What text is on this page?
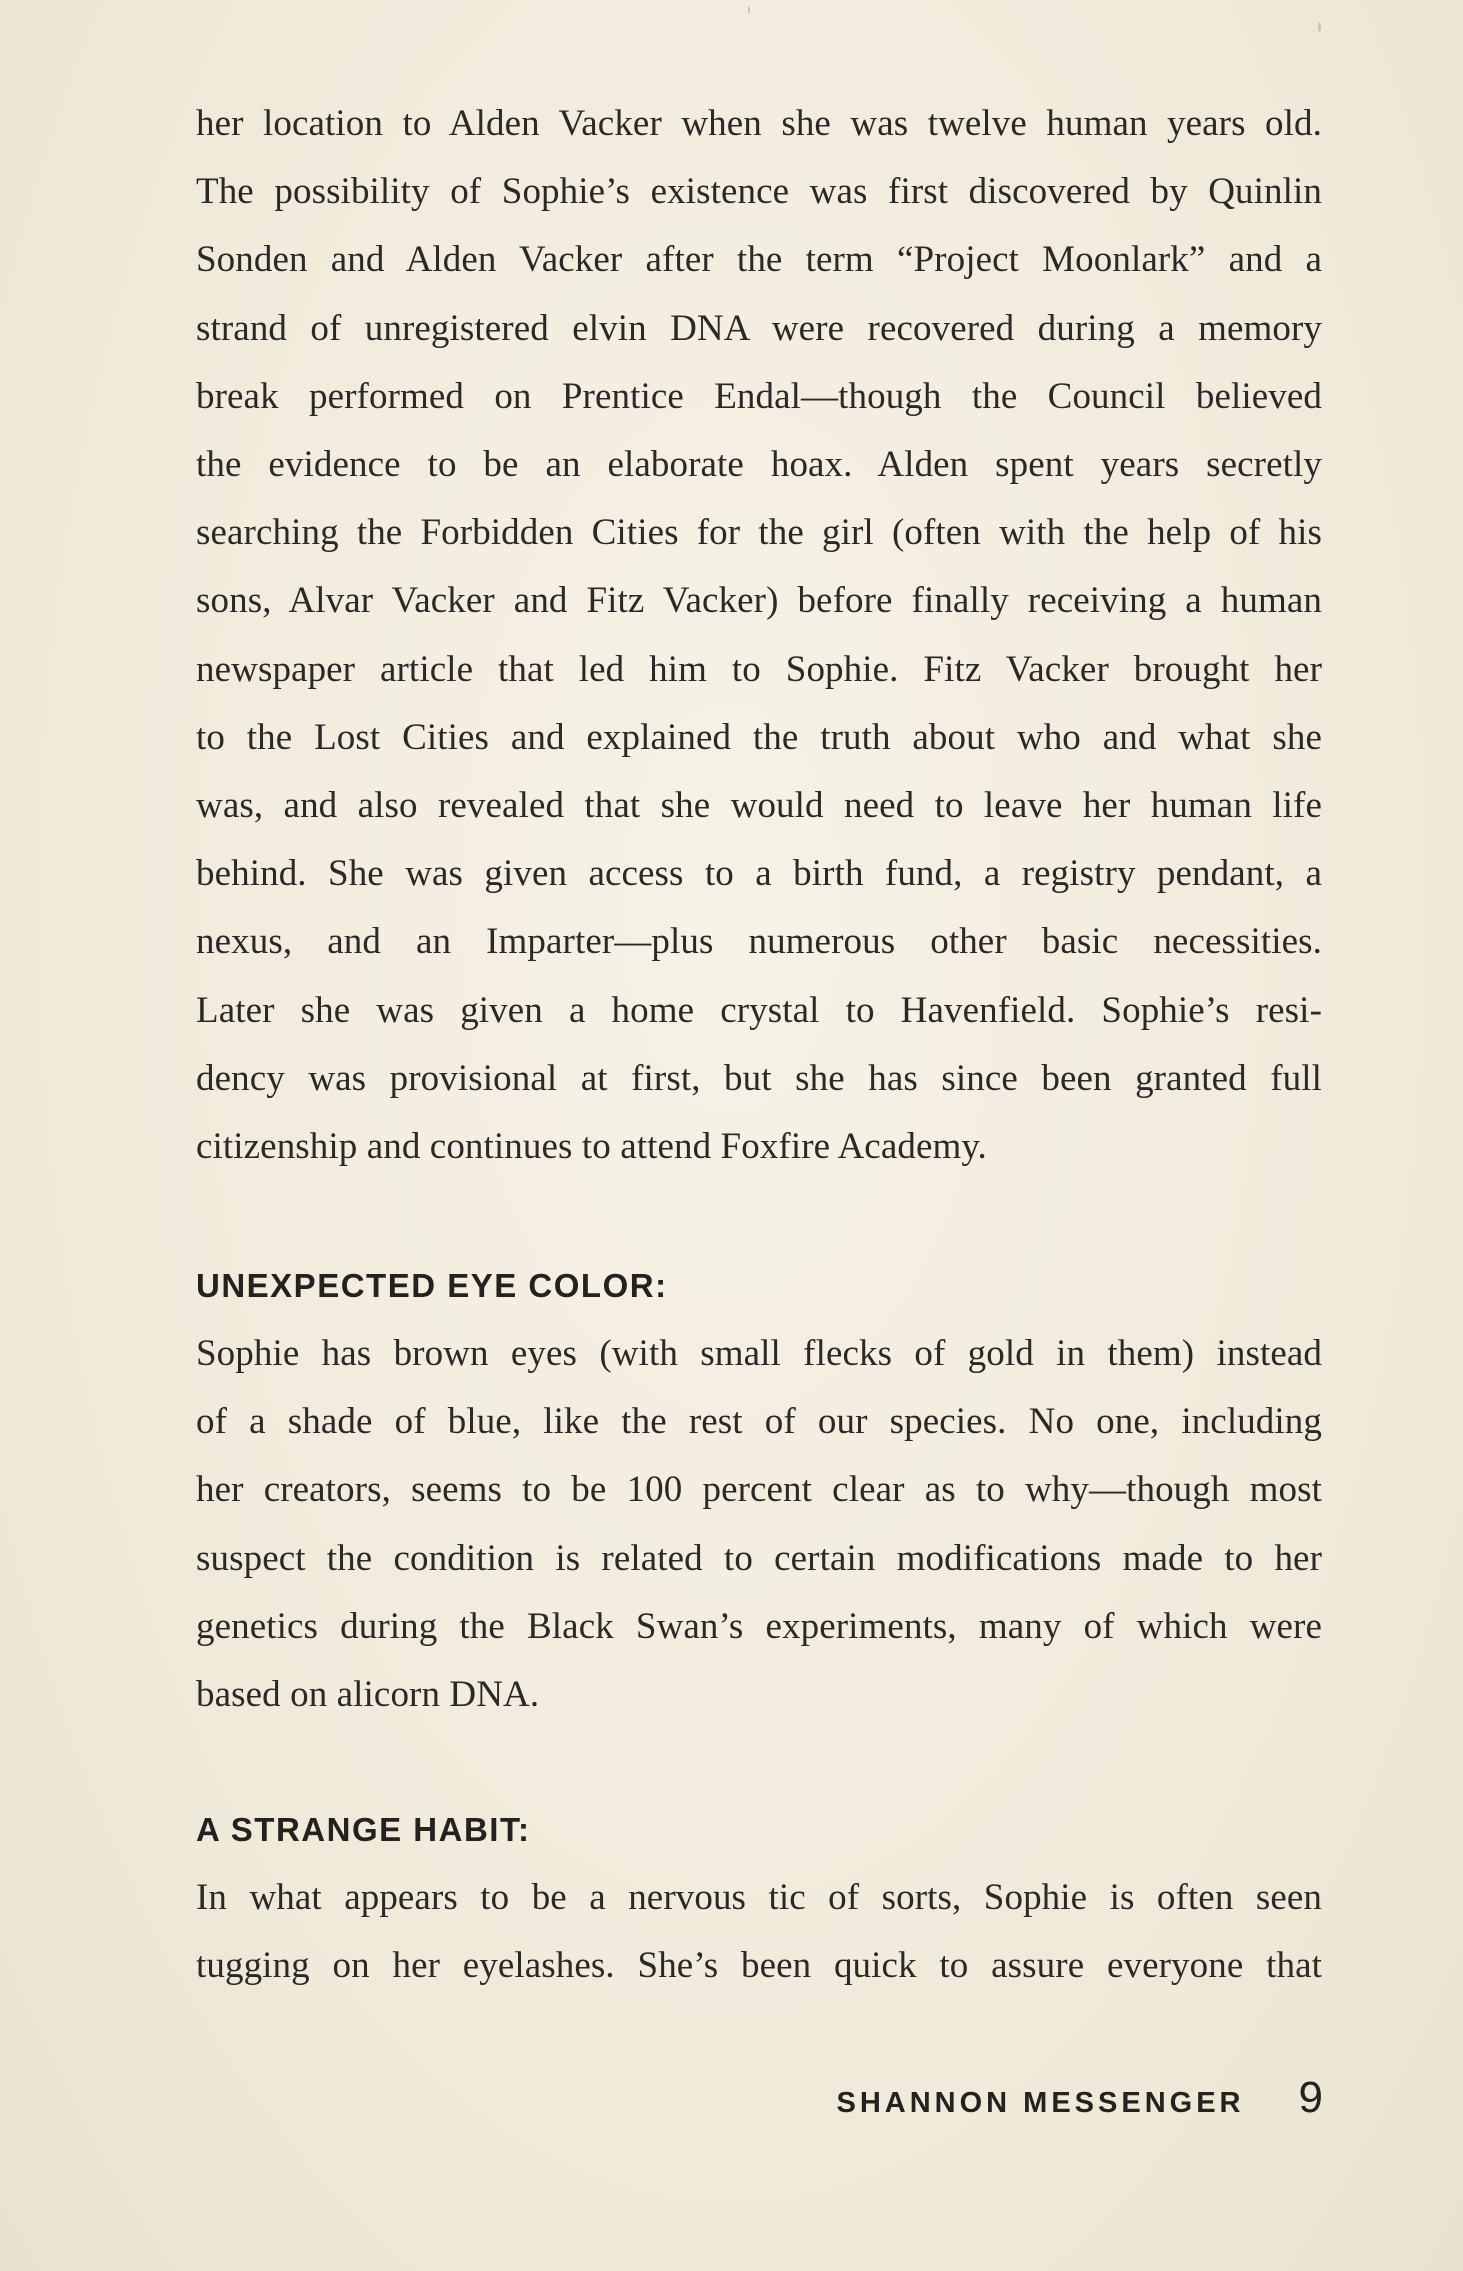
her location to Alden Vacker when she was twelve human years old.
The possibility of Sophie’s existence was first discovered by Quinlin
Sonden and Alden Vacker after the term “Project Moonlark” and a
strand of unregistered elvin DNA were recovered during a memory
break performed on Prentice Endal—though the Council believed
the evidence to be an elaborate hoax. Alden spent years secretly
searching the Forbidden Cities for the girl (often with the help of his
sons, Alvar Vacker and Fitz Vacker) before finally receiving a human
newspaper article that led him to Sophie. Fitz Vacker brought her
to the Lost Cities and explained the truth about who and what she
was, and also revealed that she would need to leave her human life
behind. She was given access to a birth fund, a registry pendant, a
nexus, and an Imparter—plus numerous other basic necessities.
Later she was given a home crystal to Havenfield. Sophie’s resi-
dency was provisional at first, but she has since been granted full
citizenship and continues to attend Foxfire Academy.
UNEXPECTED EYE COLOR:
Sophie has brown eyes (with small flecks of gold in them) instead
of a shade of blue, like the rest of our species. No one, including
her creators, seems to be 100 percent clear as to why—though most
suspect the condition is related to certain modifications made to her
genetics during the Black Swan’s experiments, many of which were
based on alicorn DNA.
A STRANGE HABIT:
In what appears to be a nervous tic of sorts, Sophie is often seen
tugging on her eyelashes. She’s been quick to assure everyone that
SHANNON MESSENGER 9
